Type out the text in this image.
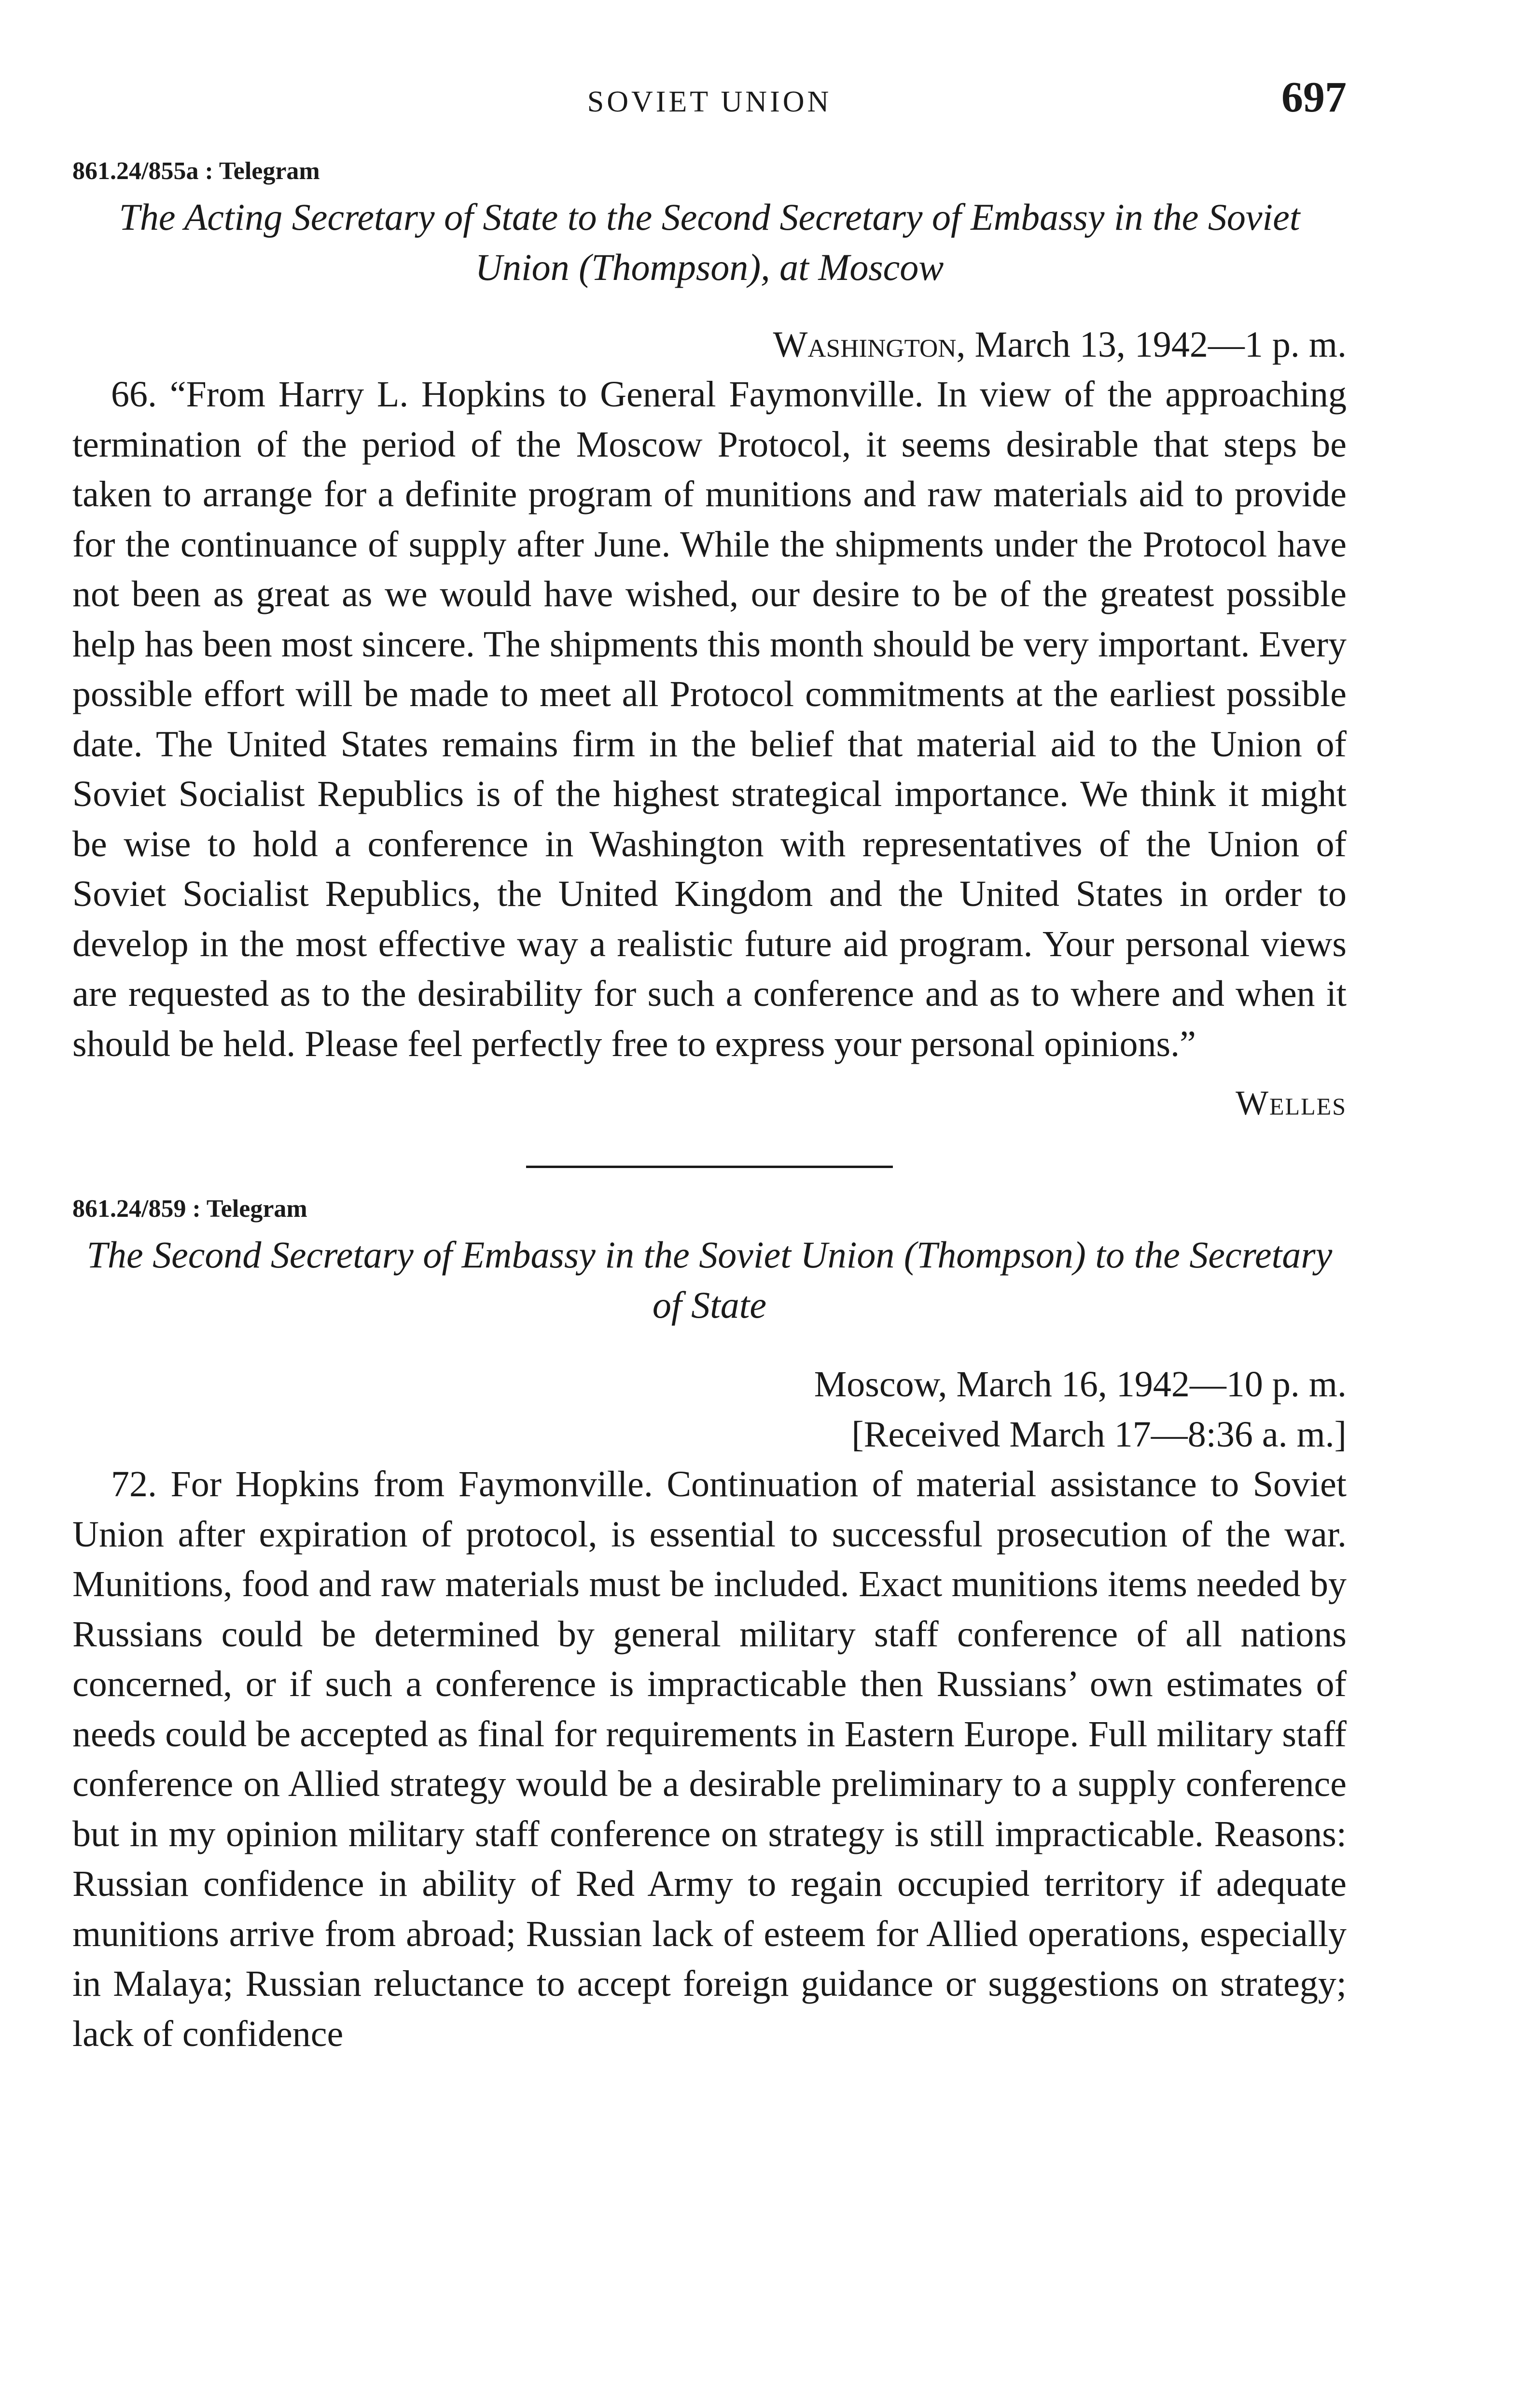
SOVIET UNION	697
861.24/855a : Telegram
The Acting Secretary of State to the Second Secretary of Embassy in the Soviet Union (Thompson), at Moscow
Washington, March 13, 1942—1 p. m.

66. “From Harry L. Hopkins to General Faymonville. In view of the approaching termination of the period of the Moscow Protocol, it seems desirable that steps be taken to arrange for a definite program of munitions and raw materials aid to provide for the continuance of supply after June. While the shipments under the Protocol have not been as great as we would have wished, our desire to be of the greatest possible help has been most sincere. The shipments this month should be very important. Every possible effort will be made to meet all Protocol commitments at the earliest possible date. The United States remains firm in the belief that material aid to the Union of Soviet Socialist Republics is of the highest strategical importance. We think it might be wise to hold a conference in Washington with representatives of the Union of Soviet Socialist Republics, the United Kingdom and the United States in order to develop in the most effective way a realistic future aid program. Your personal views are requested as to the desirability for such a conference and as to where and when it should be held. Please feel perfectly free to express your personal opinions.”

Welles
861.24/859 : Telegram
The Second Secretary of Embassy in the Soviet Union (Thompson) to the Secretary of State
Moscow, March 16, 1942—10 p. m.
[Received March 17—8:36 a. m.]

72. For Hopkins from Faymonville. Continuation of material assistance to Soviet Union after expiration of protocol, is essential to successful prosecution of the war. Munitions, food and raw materials must be included. Exact munitions items needed by Russians could be determined by general military staff conference of all nations concerned, or if such a conference is impracticable then Russians’ own estimates of needs could be accepted as final for requirements in Eastern Europe. Full military staff conference on Allied strategy would be a desirable preliminary to a supply conference but in my opinion military staff conference on strategy is still impracticable. Reasons: Russian confidence in ability of Red Army to regain occupied territory if adequate munitions arrive from abroad; Russian lack of esteem for Allied operations, especially in Malaya; Russian reluctance to accept foreign guidance or suggestions on strategy; lack of confidence
